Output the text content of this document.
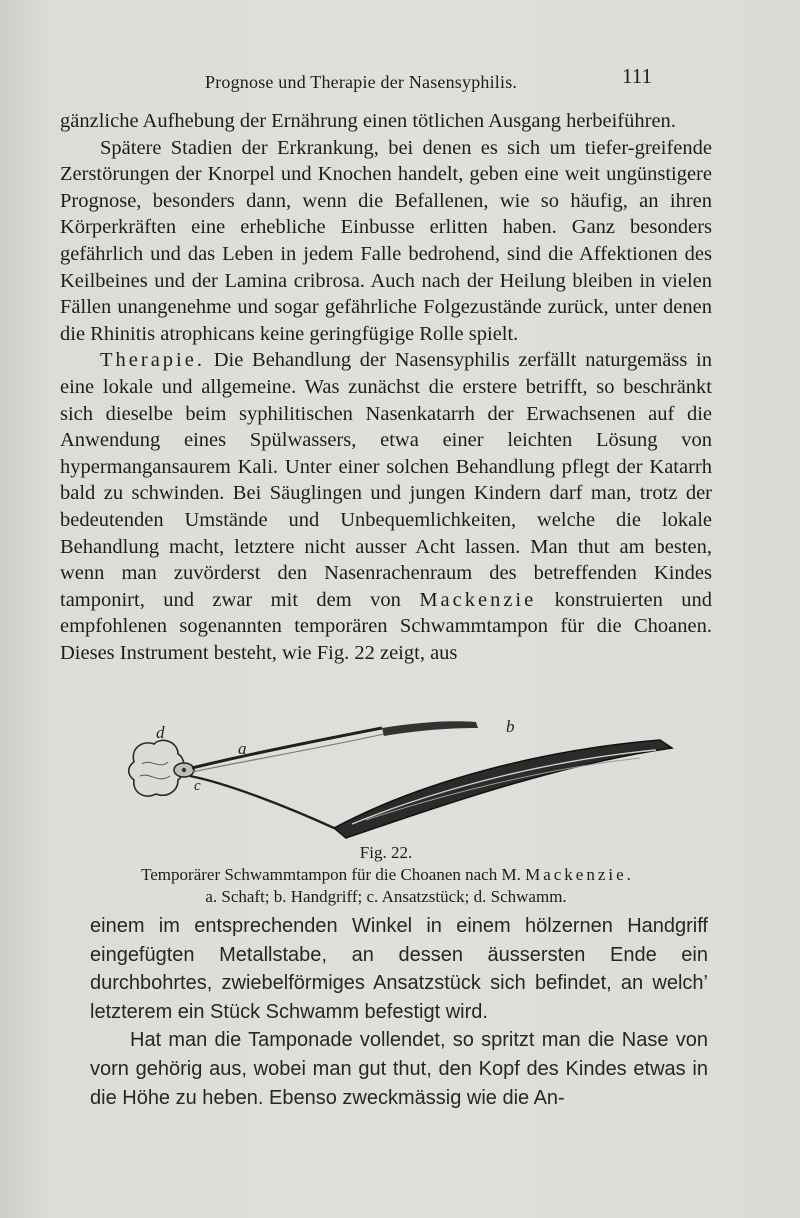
Prognose und Therapie der Nasensyphilis.	111

gänzliche Aufhebung der Ernährung einen tötlichen Ausgang herbeiführen.

Spätere Stadien der Erkrankung, bei denen es sich um tiefer-greifende Zerstörungen der Knorpel und Knochen handelt, geben eine weit ungünstigere Prognose, besonders dann, wenn die Befallenen, wie so häufig, an ihren Körperkräften eine erhebliche Einbusse erlitten haben. Ganz besonders gefährlich und das Leben in jedem Falle bedrohend, sind die Affektionen des Keilbeines und der Lamina cribrosa. Auch nach der Heilung bleiben in vielen Fällen unangenehme und sogar gefährliche Folgezustände zurück, unter denen die Rhinitis atrophicans keine geringfügige Rolle spielt.

Therapie. Die Behandlung der Nasensyphilis zerfällt naturgemäss in eine lokale und allgemeine. Was zunächst die erstere betrifft, so beschränkt sich dieselbe beim syphilitischen Nasenkatarrh der Erwachsenen auf die Anwendung eines Spülwassers, etwa einer leichten Lösung von hypermangansaurem Kali. Unter einer solchen Behandlung pflegt der Katarrh bald zu schwinden. Bei Säuglingen und jungen Kindern darf man, trotz der bedeutenden Umstände und Unbequemlichkeiten, welche die lokale Behandlung macht, letztere nicht ausser Acht lassen. Man thut am besten, wenn man zuvörderst den Nasenrachenraum des betreffenden Kindes tamponirt, und zwar mit dem von Mackenzie konstruierten und empfohlenen sogenannten temporären Schwammtampon für die Choanen. Dieses Instrument besteht, wie Fig. 22 zeigt, aus

d
a
b
c
Fig. 22.
Temporärer Schwammtampon für die Choanen nach M. Mackenzie.
a. Schaft; b. Handgriff; c. Ansatzstück; d. Schwamm.

einem im entsprechenden Winkel in einem hölzernen Handgriff eingefügten Metallstabe, an dessen äussersten Ende ein durchbohrtes, zwiebelförmiges Ansatzstück sich befindet, an welch’ letzterem ein Stück Schwamm befestigt wird.

Hat man die Tamponade vollendet, so spritzt man die Nase von vorn gehörig aus, wobei man gut thut, den Kopf des Kindes etwas in die Höhe zu heben. Ebenso zweckmässig wie die An-
